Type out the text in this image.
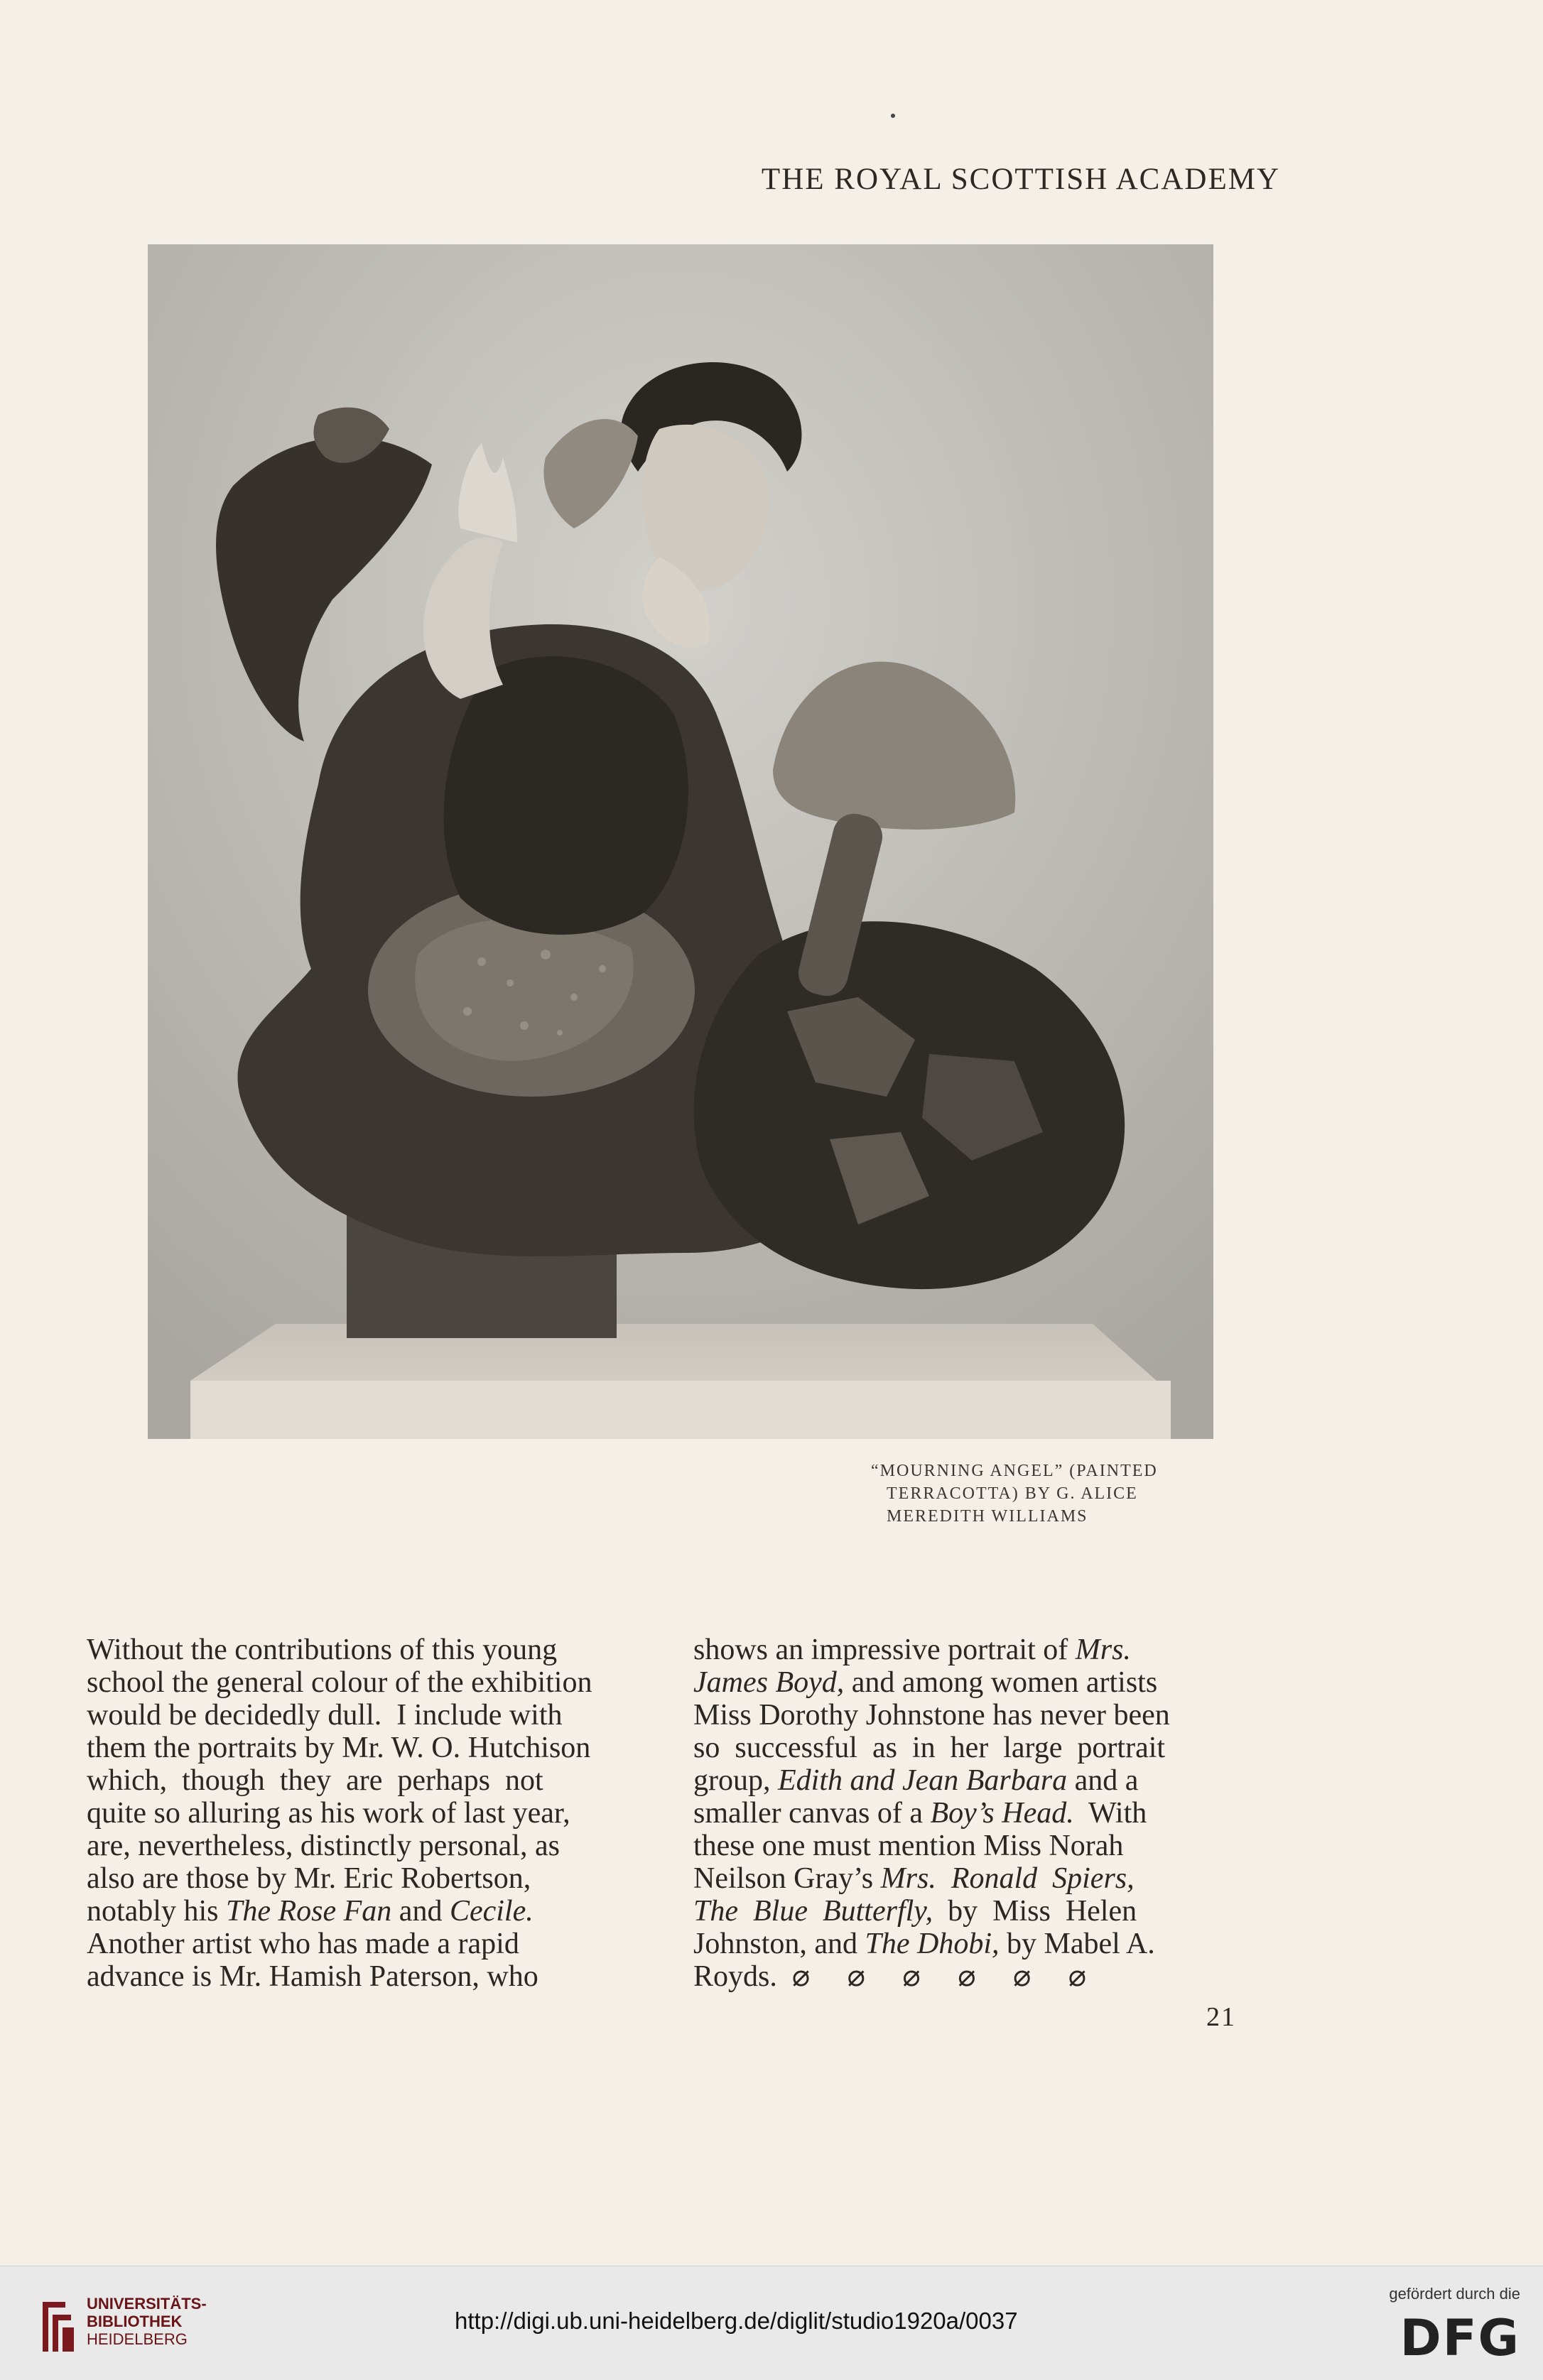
THE ROYAL SCOTTISH ACADEMY
“MOURNING ANGEL” (PAINTED
TERRACOTTA) BY G. ALICE
MEREDITH WILLIAMS
Without the contributions of this young
school the general colour of the exhibition
would be decidedly dull.  I include with
them the portraits by Mr. W. O. Hutchison
which,  though  they  are  perhaps  not
quite so alluring as his work of last year,
are, nevertheless, distinctly personal, as
also are those by Mr. Eric Robertson,
notably his The Rose Fan and Cecile.
Another artist who has made a rapid
advance is Mr. Hamish Paterson, who
shows an impressive portrait of Mrs.
James Boyd, and among women artists
Miss Dorothy Johnstone has never been
so  successful  as  in  her  large  portrait
group, Edith and Jean Barbara and a
smaller canvas of a Boy’s Head.  With
these one must mention Miss Norah
Neilson Gray’s Mrs.  Ronald  Spiers,
The  Blue  Butterfly,  by  Miss  Helen
Johnston, and The Dhobi, by Mabel A.
Royds.  ⌀     ⌀     ⌀     ⌀     ⌀     ⌀
21
UNIVERSITÄTS-
BIBLIOTHEK
HEIDELBERG
http://digi.ub.uni-heidelberg.de/diglit/studio1920a/0037
gefördert durch die
DFG
